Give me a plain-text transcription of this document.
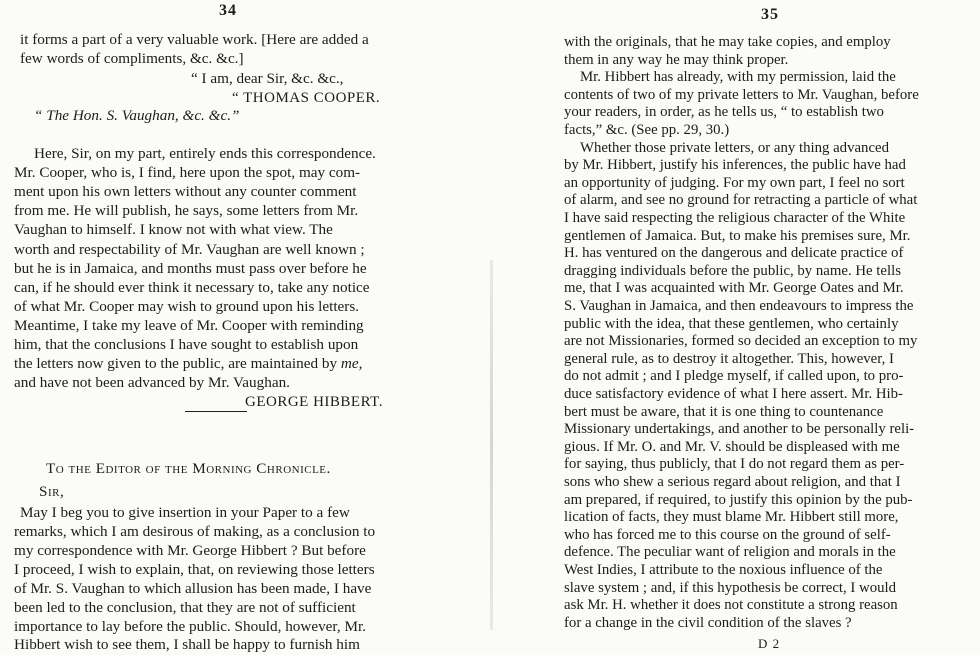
34
it forms a part of a very valuable work. [Here are added a
few words of compliments, &c. &c.]
“ I am, dear Sir, &c. &c.,
“ THOMAS COOPER.
“ The Hon. S. Vaughan, &c. &c.”
Here, Sir, on my part, entirely ends this correspondence.
Mr. Cooper, who is, I find, here upon the spot, may com-
ment upon his own letters without any counter comment
from me. He will publish, he says, some letters from Mr.
Vaughan to himself. I know not with what view. The
worth and respectability of Mr. Vaughan are well known ;
but he is in Jamaica, and months must pass over before he
can, if he should ever think it necessary to, take any notice
of what Mr. Cooper may wish to ground upon his letters.
Meantime, I take my leave of Mr. Cooper with reminding
him, that the conclusions I have sought to establish upon
the letters now given to the public, are maintained by me,
and have not been advanced by Mr. Vaughan.
GEORGE HIBBERT.
To the Editor of the Morning Chronicle.
Sir,
May I beg you to give insertion in your Paper to a few
remarks, which I am desirous of making, as a conclusion to
my correspondence with Mr. George Hibbert ? But before
I proceed, I wish to explain, that, on reviewing those letters
of Mr. S. Vaughan to which allusion has been made, I have
been led to the conclusion, that they are not of sufficient
importance to lay before the public. Should, however, Mr.
Hibbert wish to see them, I shall be happy to furnish him
35
with the originals, that he may take copies, and employ
them in any way he may think proper.
Mr. Hibbert has already, with my permission, laid the
contents of two of my private letters to Mr. Vaughan, before
your readers, in order, as he tells us, “ to establish two
facts,” &c. (See pp. 29, 30.)
Whether those private letters, or any thing advanced
by Mr. Hibbert, justify his inferences, the public have had
an opportunity of judging. For my own part, I feel no sort
of alarm, and see no ground for retracting a particle of what
I have said respecting the religious character of the White
gentlemen of Jamaica. But, to make his premises sure, Mr.
H. has ventured on the dangerous and delicate practice of
dragging individuals before the public, by name. He tells
me, that I was acquainted with Mr. George Oates and Mr.
S. Vaughan in Jamaica, and then endeavours to impress the
public with the idea, that these gentlemen, who certainly
are not Missionaries, formed so decided an exception to my
general rule, as to destroy it altogether. This, however, I
do not admit ; and I pledge myself, if called upon, to pro-
duce satisfactory evidence of what I here assert. Mr. Hib-
bert must be aware, that it is one thing to countenance
Missionary undertakings, and another to be personally reli-
gious. If Mr. O. and Mr. V. should be displeased with me
for saying, thus publicly, that I do not regard them as per-
sons who shew a serious regard about religion, and that I
am prepared, if required, to justify this opinion by the pub-
lication of facts, they must blame Mr. Hibbert still more,
who has forced me to this course on the ground of self-
defence. The peculiar want of religion and morals in the
West Indies, I attribute to the noxious influence of the
slave system ; and, if this hypothesis be correct, I would
ask Mr. H. whether it does not constitute a strong reason
for a change in the civil condition of the slaves ?
D 2
